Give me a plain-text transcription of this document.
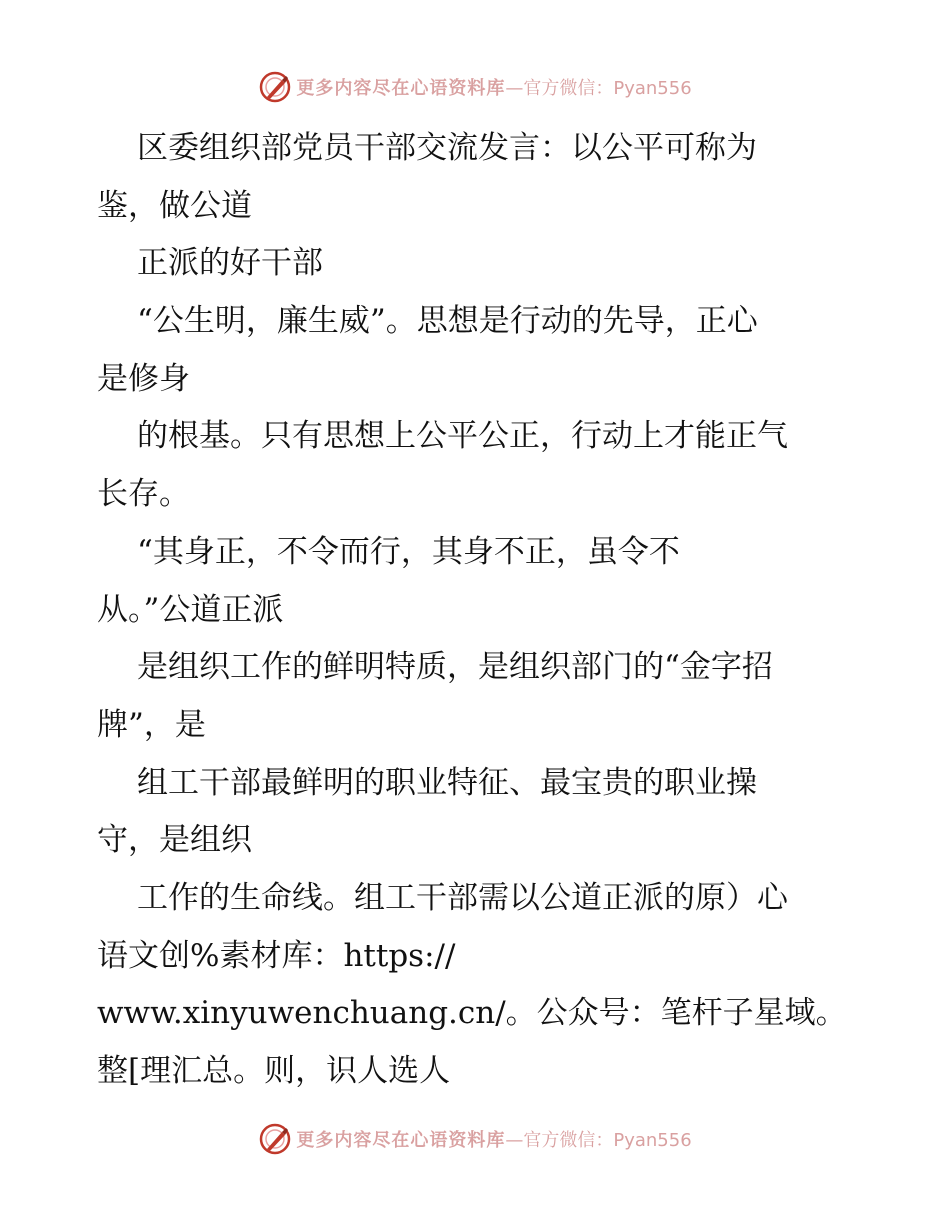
更多内容尽在心语资料库 —官方微信：Pyan556
区委组织部党员干部交流发言：以公平可称为
鉴，做公道
正派的好干部
“公生明，廉生威”。思想是行动的先导，正心
是修身
的根基。只有思想上公平公正，行动上才能正气
长存。
“其身正，不令而行，其身不正，虽令不
从。”公道正派
是组织工作的鲜明特质，是组织部门的“金字招
牌”，是
组工干部最鲜明的职业特征、最宝贵的职业操
守，是组织
工作的生命线。组工干部需以公道正派的原）心
语文创%素材库：https://
www.xinyuwenchuang.cn/。公众号：笔杆子星域。
整[理汇总。则，识人选人
更多内容尽在心语资料库 —官方微信：Pyan556
